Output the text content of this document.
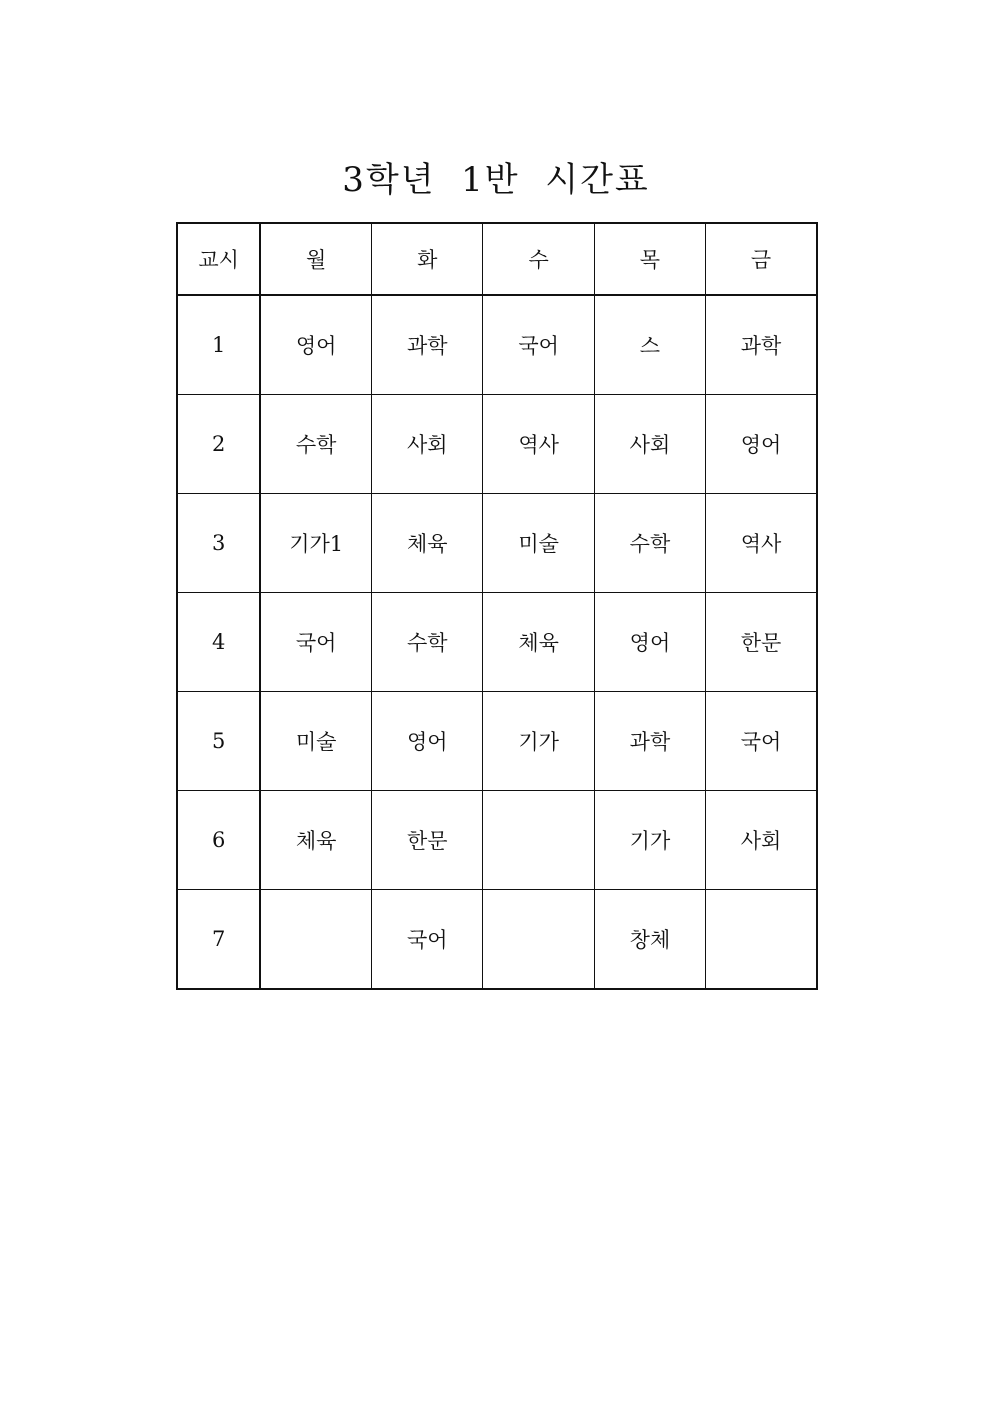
3학년  1반  시간표
교시	월	화	수	목	금
1	영어	과학	국어	스	과학
2	수학	사회	역사	사회	영어
3	기가1	체육	미술	수학	역사
4	국어	수학	체육	영어	한문
5	미술	영어	기가	과학	국어
6	체육	한문		기가	사회
7		국어		창체	
